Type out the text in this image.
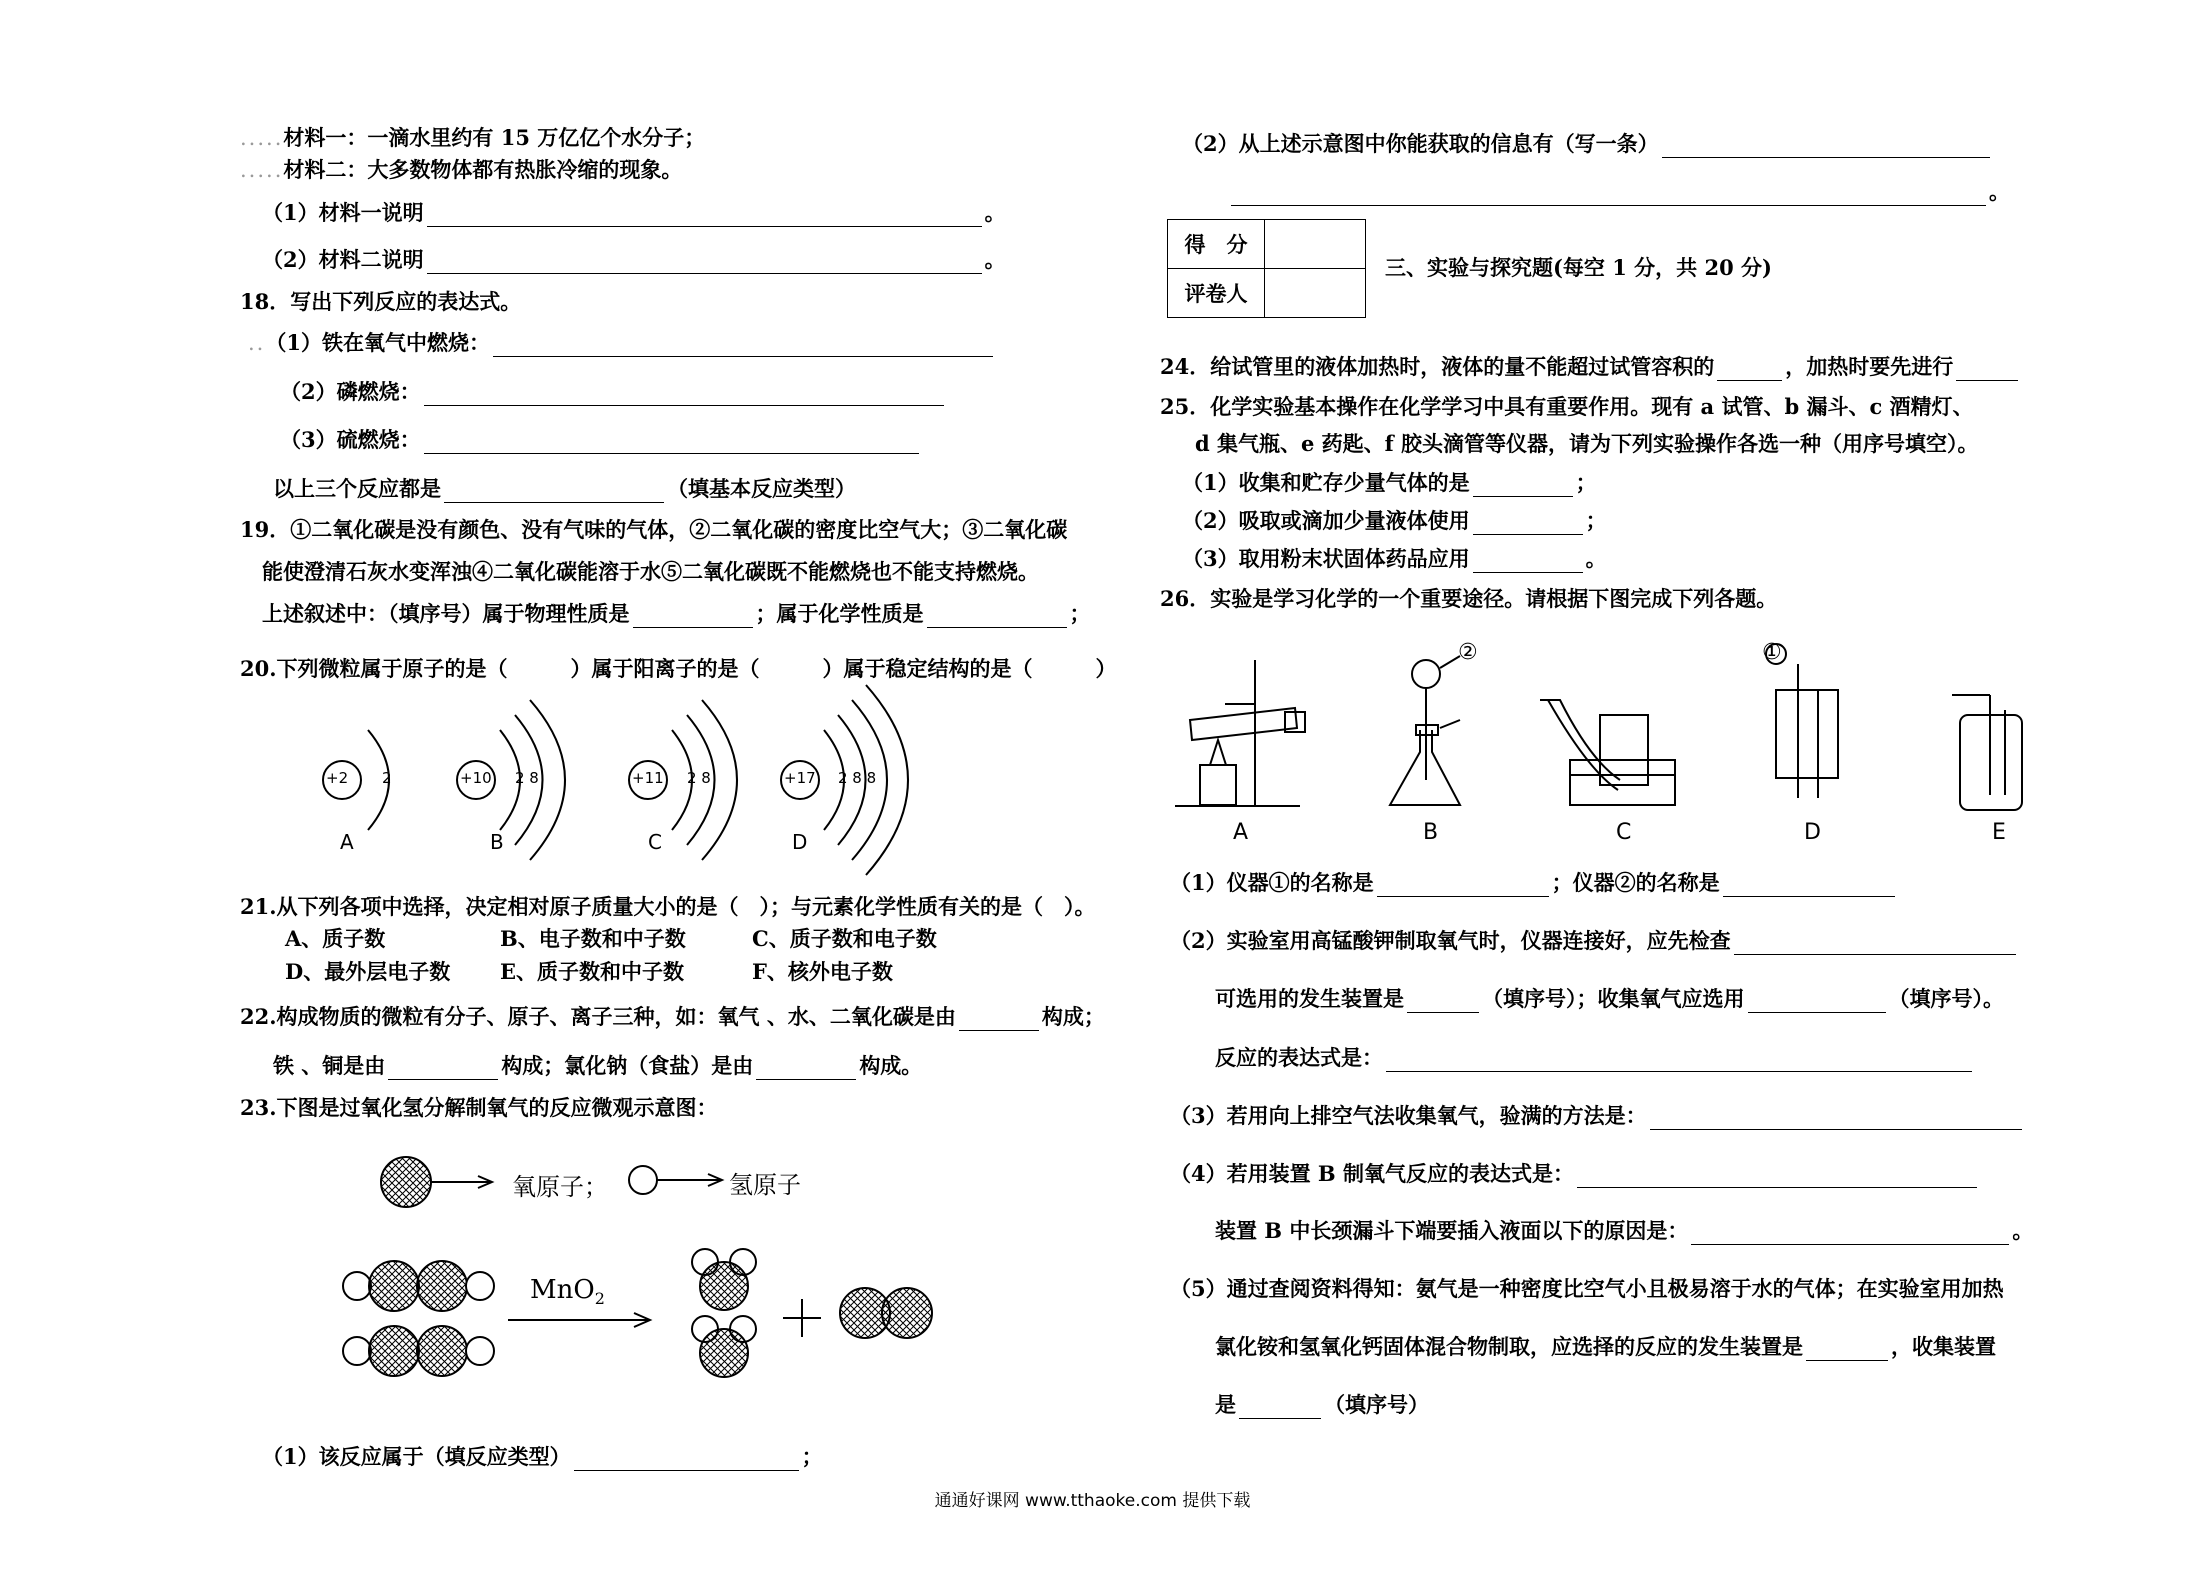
.....材料一：一滴水里约有 15 万亿亿个水分子；
.....材料二：大多数物体都有热胀冷缩的现象。
（1）材料一说明	。
（2）材料二说明	。
18．写出下列反应的表达式。
..（1）铁在氧气中燃烧：
（2）磷燃烧：
（3）硫燃烧：
以上三个反应都是	（填基本反应类型）
19．①二氧化碳是没有颜色、没有气味的气体，②二氧化碳的密度比空气大；③二氧化碳
能使澄清石灰水变浑浊④二氧化碳能溶于水⑤二氧化碳既不能燃烧也不能支持燃烧。
上述叙述中：（填序号）属于物理性质是	；属于化学性质是	；
20.下列微粒属于原子的是（　　　）属于阳离子的是（　　　）属于稳定结构的是（　　　）
+2 2
A
+10 2 8
B
+11 2 8
C
+17 2 8 8
D
21.从下列各项中选择，决定相对原子质量大小的是（　）；与元素化学性质有关的是（　）。
A、质子数	B、电子数和中子数	C、质子数和电子数
D、最外层电子数 E、质子数和中子数	F、核外电子数
22.构成物质的微粒有分子、原子、离子三种，如：氧气 、水、二氧化碳是由	构成；
铁 、铜是由	构成；氯化钠（食盐）是由	构成。
23.下图是过氧化氢分解制氧气的反应微观示意图：
氧原子；	氢原子
MnO$_2$
（1）该反应属于（填反应类型）	；
（2）从上述示意图中你能获取的信息有（写一条）
。
得　分	
评卷人	
三、实验与探究题(每空 1 分，共 20 分)
24．给试管里的液体加热时，液体的量不能超过试管容积的	，加热时要先进行
25．化学实验基本操作在化学学习中具有重要作用。现有 a 试管、b 漏斗、c 酒精灯、
d 集气瓶、e 药匙、f 胶头滴管等仪器，请为下列实验操作各选一种（用序号填空）。
（1）收集和贮存少量气体的是	；
（2）吸取或滴加少量液体使用	；
（3）取用粉末状固体药品应用	。
26．实验是学习化学的一个重要途径。请根据下图完成下列各题。
②	①
A	B	C	D	E
（1）仪器①的名称是	；仪器②的名称是
（2）实验室用高锰酸钾制取氧气时，仪器连接好，应先检查
可选用的发生装置是	（填序号）；收集氧气应选用	（填序号）。
反应的表达式是：
（3）若用向上排空气法收集氧气，验满的方法是：
（4）若用装置 B 制氧气反应的表达式是：
装置 B 中长颈漏斗下端要插入液面以下的原因是：	。
（5）通过查阅资料得知：氨气是一种密度比空气小且极易溶于水的气体；在实验室用加热
氯化铵和氢氧化钙固体混合物制取，应选择的反应的发生装置是	，收集装置
是	（填序号）
通通好课网 www.tthaoke.com 提供下载
